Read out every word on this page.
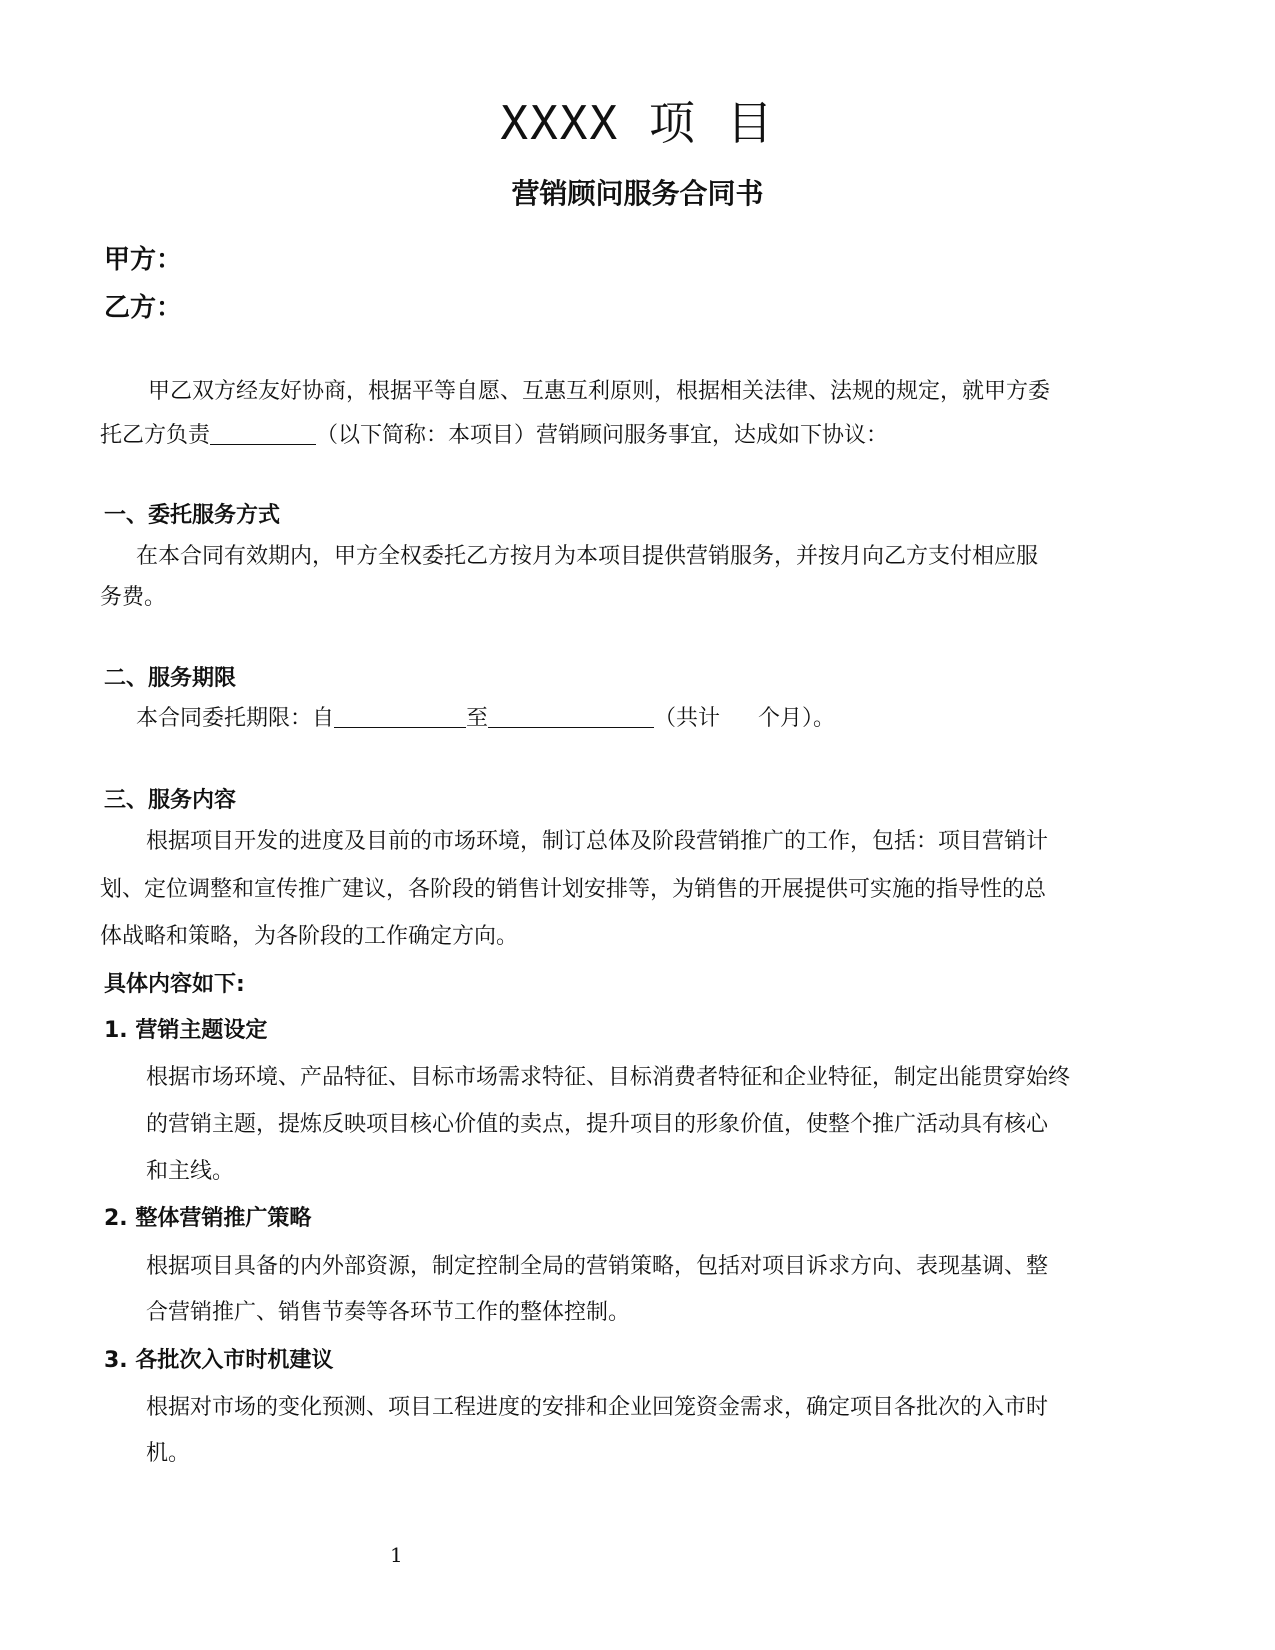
XXXX 项 目
营销顾问服务合同书
甲方：
乙方：
甲乙双方经友好协商，根据平等自愿、互惠互利原则，根据相关法律、法规的规定，就甲方委
托乙方负责	（以下简称：本项目）营销顾问服务事宜，达成如下协议：
一、委托服务方式
在本合同有效期内，甲方全权委托乙方按月为本项目提供营销服务，并按月向乙方支付相应服
务费。
二、服务期限
本合同委托期限：自	至	（共计 个月）。
三、服务内容
根据项目开发的进度及目前的市场环境，制订总体及阶段营销推广的工作，包括：项目营销计
划、定位调整和宣传推广建议，各阶段的销售计划安排等，为销售的开展提供可实施的指导性的总
体战略和策略，为各阶段的工作确定方向。
具体内容如下:
1. 营销主题设定
根据市场环境、产品特征、目标市场需求特征、目标消费者特征和企业特征，制定出能贯穿始终
的营销主题，提炼反映项目核心价值的卖点，提升项目的形象价值，使整个推广活动具有核心
和主线。
2. 整体营销推广策略
根据项目具备的内外部资源，制定控制全局的营销策略，包括对项目诉求方向、表现基调、整
合营销推广、销售节奏等各环节工作的整体控制。
3. 各批次入市时机建议
根据对市场的变化预测、项目工程进度的安排和企业回笼资金需求，确定项目各批次的入市时
机。
1
